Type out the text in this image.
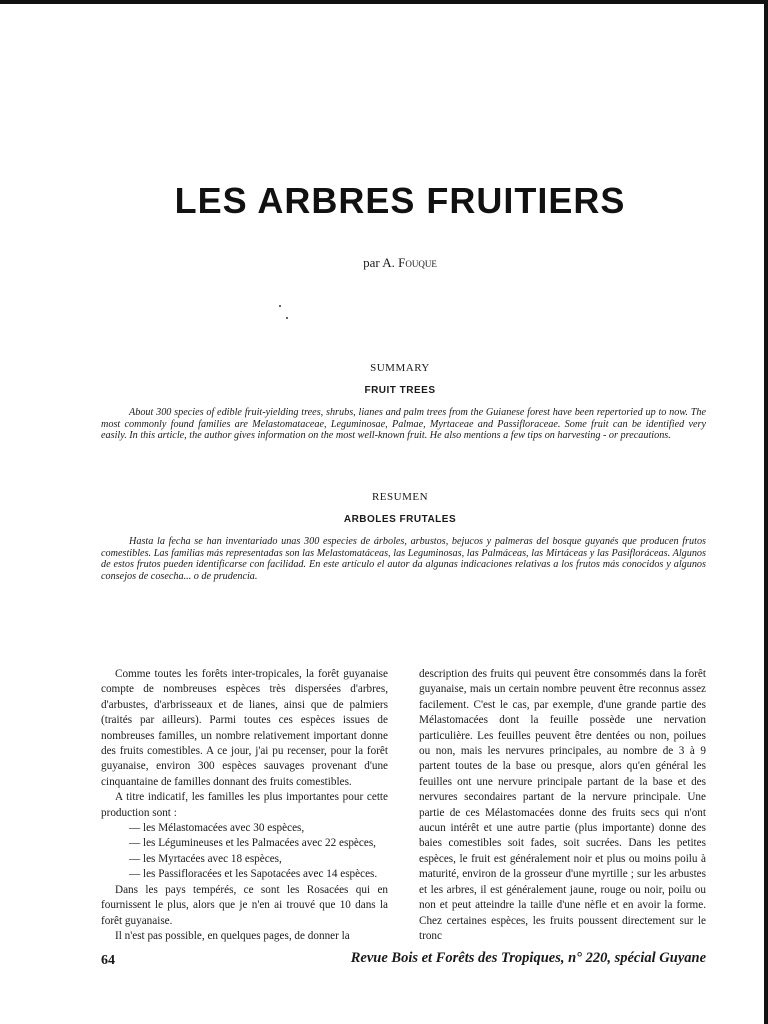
LES ARBRES FRUITIERS
par A. Fouque
SUMMARY
FRUIT TREES
About 300 species of edible fruit-yielding trees, shrubs, lianes and palm trees from the Guianese forest have been repertoried up to now. The most commonly found families are Melastomataceae, Leguminosae, Palmae, Myrtaceae and Passifloraceae. Some fruit can be identified very easily. In this article, the author gives information on the most well-known fruit. He also mentions a few tips on harvesting - or precautions.
RESUMEN
ARBOLES FRUTALES
Hasta la fecha se han inventariado unas 300 especies de árboles, arbustos, bejucos y palmeras del bosque guyanés que producen frutos comestibles. Las familias más representadas son las Melastomatáceas, las Leguminosas, las Palmáceas, las Mirtáceas y las Pasifloráceas. Algunos de estos frutos pueden identificarse con facilidad. En este artículo el autor da algunas indicaciones relativas a los frutos más conocidos y algunos consejos de cosecha... o de prudencia.

Comme toutes les forêts inter-tropicales, la forêt guyanaise compte de nombreuses espèces très dispersées d'arbres, d'arbustes, d'arbrisseaux et de lianes, ainsi que de palmiers (traités par ailleurs). Parmi toutes ces espèces issues de nombreuses familles, un nombre relativement important donne des fruits comestibles. A ce jour, j'ai pu recenser, pour la forêt guyanaise, environ 300 espèces sauvages provenant d'une cinquantaine de familles donnant des fruits comestibles.

A titre indicatif, les familles les plus importantes pour cette production sont :

— les Mélastomacées avec 30 espèces,

— les Légumineuses et les Palmacées avec 22 espèces,

— les Myrtacées avec 18 espèces,

— les Passifloracées et les Sapotacées avec 14 espèces.

Dans les pays tempérés, ce sont les Rosacées qui en fournissent le plus, alors que je n'en ai trouvé que 10 dans la forêt guyanaise.

Il n'est pas possible, en quelques pages, de donner la

description des fruits qui peuvent être consommés dans la forêt guyanaise, mais un certain nombre peuvent être reconnus assez facilement. C'est le cas, par exemple, d'une grande partie des Mélastomacées dont la feuille possède une nervation particulière. Les feuilles peuvent être dentées ou non, poilues ou non, mais les nervures principales, au nombre de 3 à 9 partent toutes de la base ou presque, alors qu'en général les feuilles ont une nervure principale partant de la base et des nervures secondaires partant de la nervure principale. Une partie de ces Mélastomacées donne des fruits secs qui n'ont aucun intérêt et une autre partie (plus importante) donne des baies comestibles soit fades, soit sucrées. Dans les petites espèces, le fruit est généralement noir et plus ou moins poilu à maturité, environ de la grosseur d'une myrtille ; sur les arbustes et les arbres, il est généralement jaune, rouge ou noir, poilu ou non et peut atteindre la taille d'une nèfle et en avoir la forme. Chez certaines espèces, les fruits poussent directement sur le tronc

64	Revue Bois et Forêts des Tropiques, n° 220, spécial Guyane
